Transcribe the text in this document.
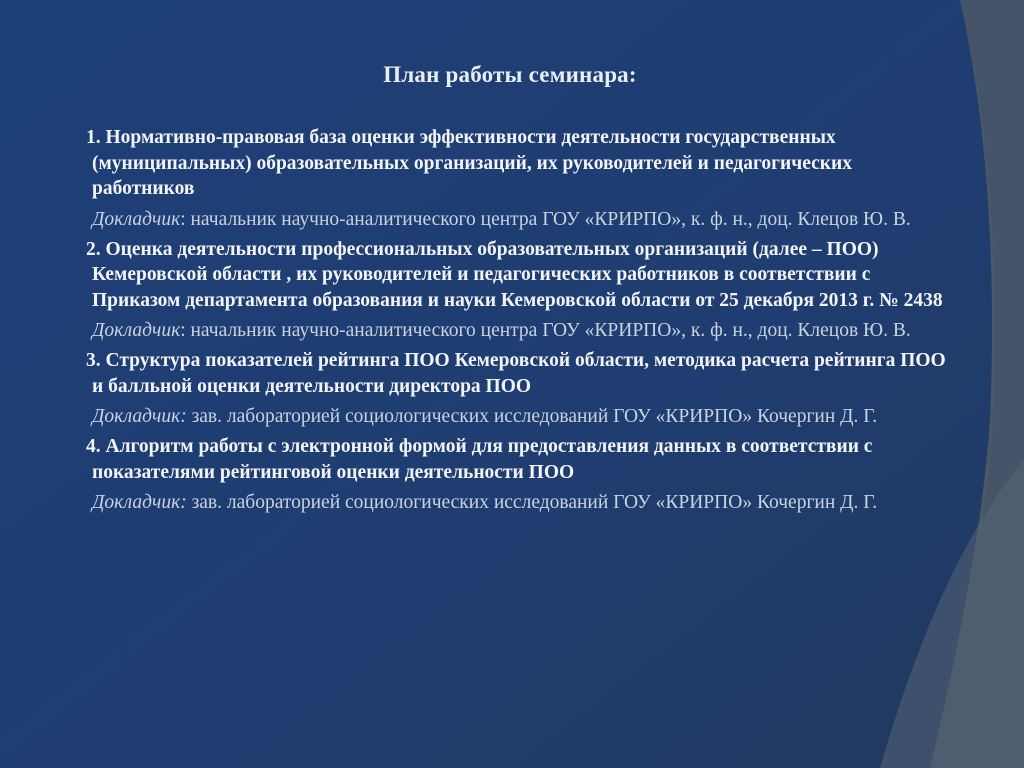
План работы семинара:
1. Нормативно-правовая база оценки эффективности деятельности государственных (муниципальных) образовательных организаций, их руководителей и педагогических работников
Докладчик: начальник научно-аналитического центра ГОУ «КРИРПО», к. ф. н., доц. Клецов Ю. В.
2. Оценка деятельности профессиональных образовательных организаций (далее – ПОО) Кемеровской области , их руководителей и педагогических работников в соответствии с Приказом департамента образования и науки Кемеровской области от 25 декабря 2013 г. № 2438
Докладчик: начальник научно-аналитического центра ГОУ «КРИРПО», к. ф. н., доц. Клецов Ю. В.
3. Структура показателей рейтинга ПОО Кемеровской области, методика расчета рейтинга ПОО и балльной оценки деятельности директора ПОО
Докладчик: зав. лабораторией социологических исследований ГОУ «КРИРПО» Кочергин Д. Г.
4. Алгоритм работы с электронной формой для предоставления данных в соответствии с показателями рейтинговой оценки деятельности ПОО
Докладчик: зав. лабораторией социологических исследований ГОУ «КРИРПО» Кочергин Д. Г.
